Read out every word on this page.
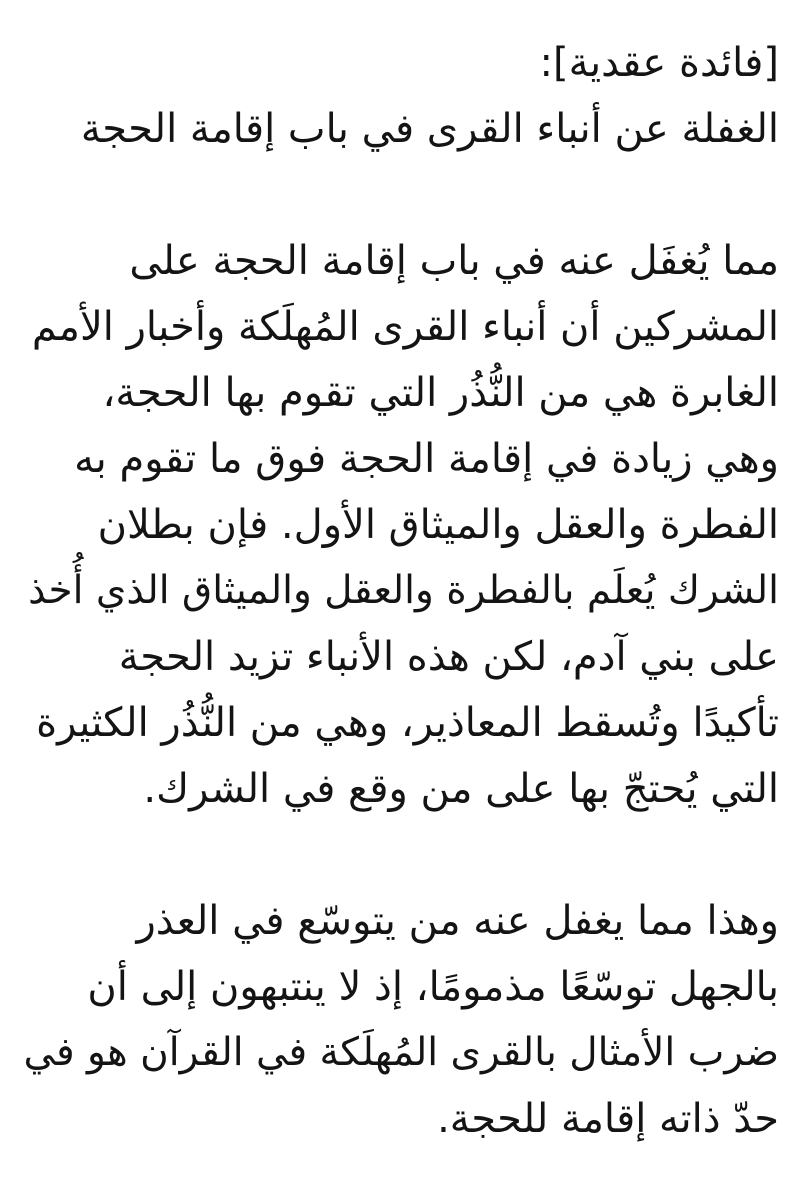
[فائدة عقدية]:
الغفلة عن أنباء القرى في باب إقامة الحجة
مما يُغفَل عنه في باب إقامة الحجة على
المشركين أن أنباء القرى المُهلَكة وأخبار الأمم
الغابرة هي من النُّذُر التي تقوم بها الحجة،
وهي زيادة في إقامة الحجة فوق ما تقوم به
الفطرة والعقل والميثاق الأول. فإن بطلان
الشرك يُعلَم بالفطرة والعقل والميثاق الذي أُخذ
على بني آدم، لكن هذه الأنباء تزيد الحجة
تأكيدًا وتُسقط المعاذير، وهي من النُّذُر الكثيرة
التي يُحتجّ بها على من وقع في الشرك.
وهذا مما يغفل عنه من يتوسّع في العذر
بالجهل توسّعًا مذمومًا، إذ لا ينتبهون إلى أن
ضرب الأمثال بالقرى المُهلَكة في القرآن هو في
حدّ ذاته إقامة للحجة.
